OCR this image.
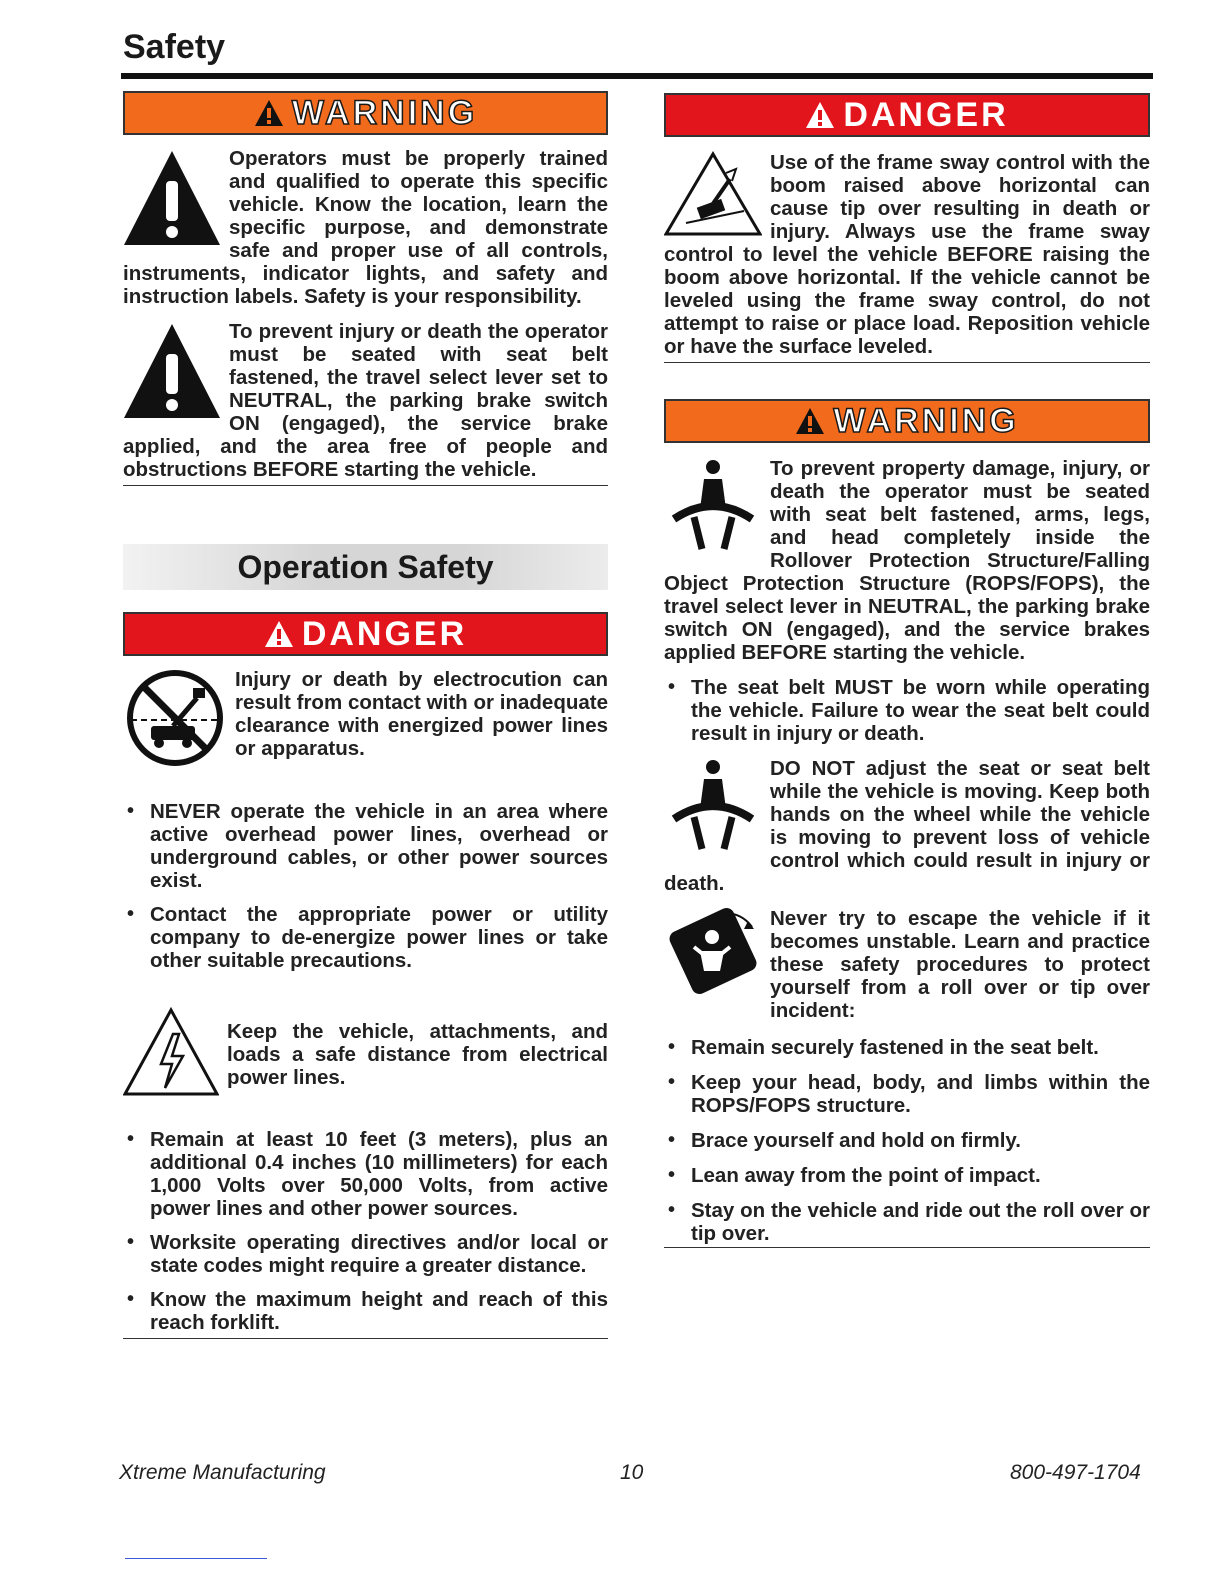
Safety
WARNING

Operators must be properly trained and qualified to operate this specific vehicle. Know the location, learn the specific purpose, and demonstrate safe and proper use of all controls, instruments, indicator lights, and safety and instruction labels. Safety is your responsibility.

To prevent injury or death the operator must be seated with seat belt fastened, the travel select lever set to NEUTRAL, the parking brake switch ON (engaged), the service brake applied, and the area free of people and obstructions BEFORE starting the vehicle.

Operation Safety
DANGER

Injury or death by electrocution can result from contact with or inadequate clearance with energized power lines or apparatus.

• NEVER operate the vehicle in an area where active overhead power lines, overhead or underground cables, or other power sources exist.
• Contact the appropriate power or utility company to de-energize power lines or take other suitable precautions.

Keep the vehicle, attachments, and loads a safe distance from electrical power lines.

• Remain at least 10 feet (3 meters), plus an additional 0.4 inches (10 millimeters) for each 1,000 Volts over 50,000 Volts, from active power lines and other power sources.
• Worksite operating directives and/or local or state codes might require a greater distance.
• Know the maximum height and reach of this reach forklift.
DANGER

Use of the frame sway control with the boom raised above horizontal can cause tip over resulting in death or injury. Always use the frame sway control to level the vehicle BEFORE raising the boom above horizontal. If the vehicle cannot be leveled using the frame sway control, do not attempt to raise or place load. Reposition vehicle or have the surface leveled.

WARNING

To prevent property damage, injury, or death the operator must be seated with seat belt fastened, arms, legs, and head completely inside the Rollover Protection Structure/Falling Object Protection Structure (ROPS/FOPS), the travel select lever in NEUTRAL, the parking brake switch ON (engaged), and the service brakes applied BEFORE starting the vehicle.

• The seat belt MUST be worn while operating the vehicle. Failure to wear the seat belt could result in injury or death.

DO NOT adjust the seat or seat belt while the vehicle is moving. Keep both hands on the wheel while the vehicle is moving to prevent loss of vehicle control which could result in injury or death.

Never try to escape the vehicle if it becomes unstable. Learn and practice these safety procedures to protect yourself from a roll over or tip over incident:

• Remain securely fastened in the seat belt.
• Keep your head, body, and limbs within the ROPS/FOPS structure.
• Brace yourself and hold on firmly.
• Lean away from the point of impact.
• Stay on the vehicle and ride out the roll over or tip over.
Xtreme Manufacturing	10	800-497-1704
